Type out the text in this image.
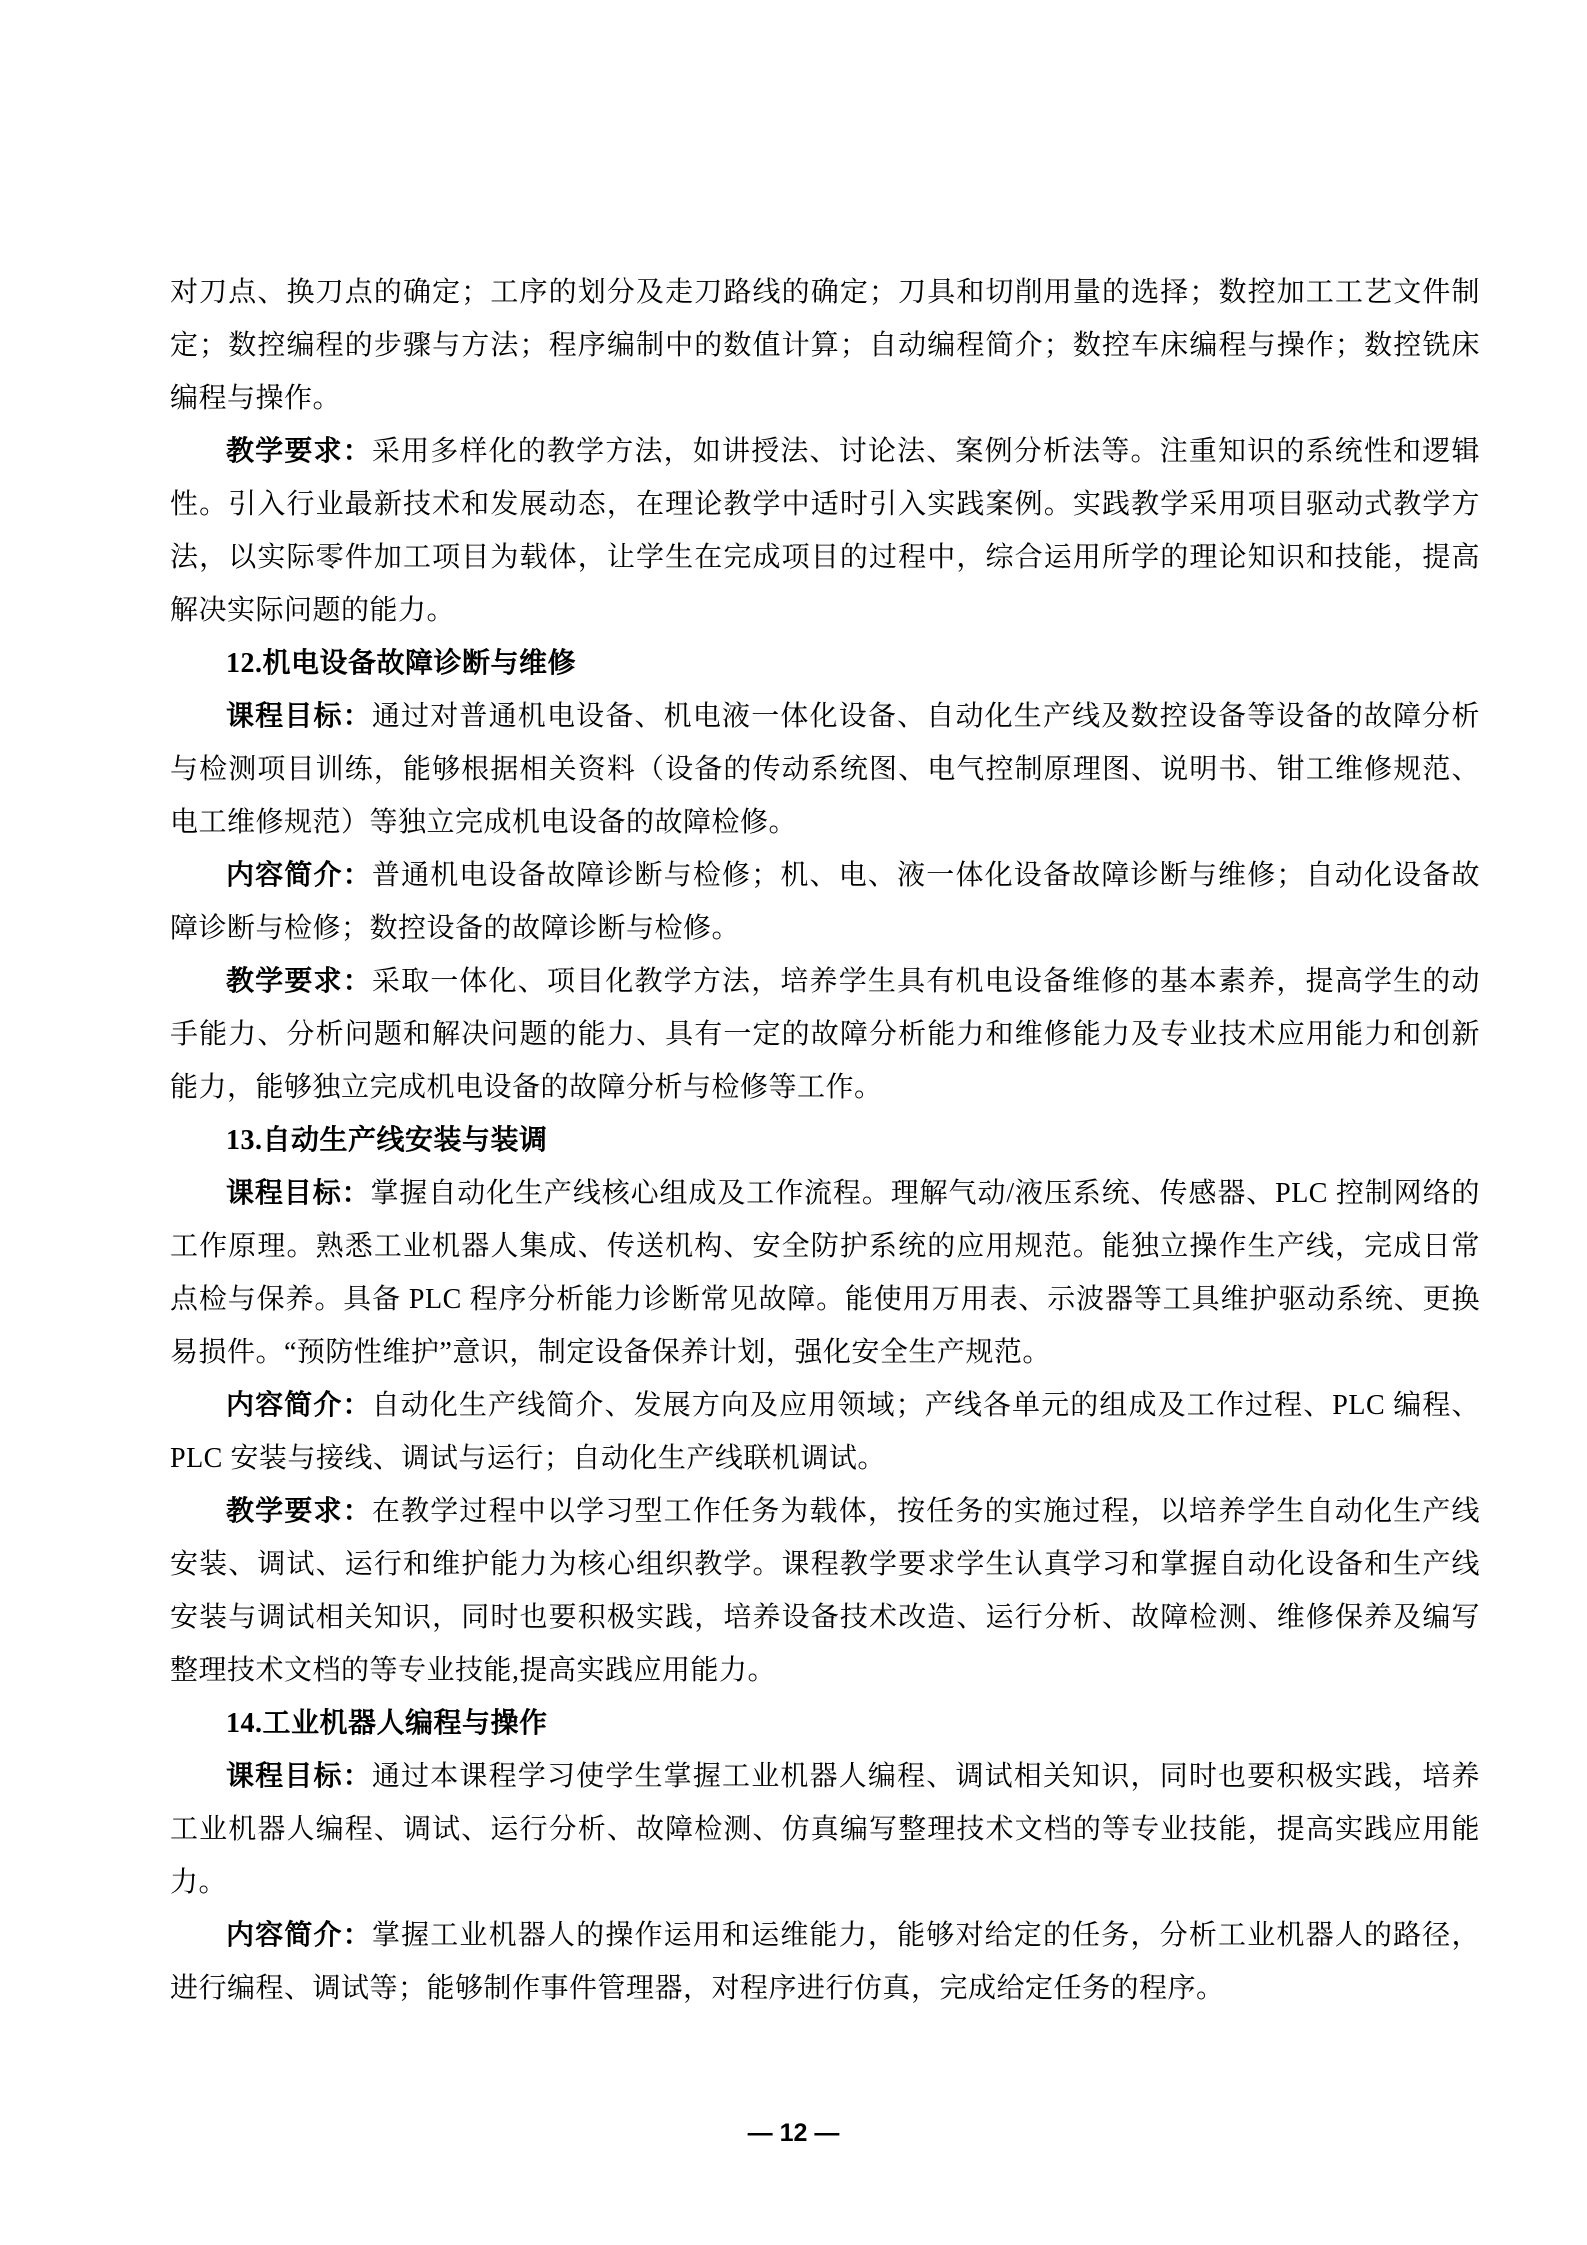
对刀点、换刀点的确定；工序的划分及走刀路线的确定；刀具和切削用量的选择；数控加工工艺文件制定；数控编程的步骤与方法；程序编制中的数值计算；自动编程简介；数控车床编程与操作；数控铣床编程与操作。

教学要求：采用多样化的教学方法，如讲授法、讨论法、案例分析法等。注重知识的系统性和逻辑性。引入行业最新技术和发展动态，在理论教学中适时引入实践案例。实践教学采用项目驱动式教学方法，以实际零件加工项目为载体，让学生在完成项目的过程中，综合运用所学的理论知识和技能，提高解决实际问题的能力。

12.机电设备故障诊断与维修

课程目标：通过对普通机电设备、机电液一体化设备、自动化生产线及数控设备等设备的故障分析与检测项目训练，能够根据相关资料（设备的传动系统图、电气控制原理图、说明书、钳工维修规范、电工维修规范）等独立完成机电设备的故障检修。

内容简介：普通机电设备故障诊断与检修；机、电、液一体化设备故障诊断与维修；自动化设备故障诊断与检修；数控设备的故障诊断与检修。

教学要求：采取一体化、项目化教学方法，培养学生具有机电设备维修的基本素养，提高学生的动手能力、分析问题和解决问题的能力、具有一定的故障分析能力和维修能力及专业技术应用能力和创新能力，能够独立完成机电设备的故障分析与检修等工作。

13.自动生产线安装与装调

课程目标：掌握自动化生产线核心组成及工作流程。理解气动/液压系统、传感器、PLC 控制网络的工作原理。熟悉工业机器人集成、传送机构、安全防护系统的应用规范。能独立操作生产线，完成日常点检与保养。具备 PLC 程序分析能力诊断常见故障。能使用万用表、示波器等工具维护驱动系统、更换易损件。“预防性维护”意识，制定设备保养计划，强化安全生产规范。

内容简介：自动化生产线简介、发展方向及应用领域；产线各单元的组成及工作过程、PLC 编程、PLC 安装与接线、调试与运行；自动化生产线联机调试。

教学要求：在教学过程中以学习型工作任务为载体，按任务的实施过程，以培养学生自动化生产线安装、调试、运行和维护能力为核心组织教学。课程教学要求学生认真学习和掌握自动化设备和生产线安装与调试相关知识，同时也要积极实践，培养设备技术改造、运行分析、故障检测、维修保养及编写整理技术文档的等专业技能,提高实践应用能力。

14.工业机器人编程与操作

课程目标：通过本课程学习使学生掌握工业机器人编程、调试相关知识，同时也要积极实践，培养工业机器人编程、调试、运行分析、故障检测、仿真编写整理技术文档的等专业技能，提高实践应用能力。

内容简介：掌握工业机器人的操作运用和运维能力，能够对给定的任务，分析工业机器人的路径，进行编程、调试等；能够制作事件管理器，对程序进行仿真，完成给定任务的程序。

— 12 —
